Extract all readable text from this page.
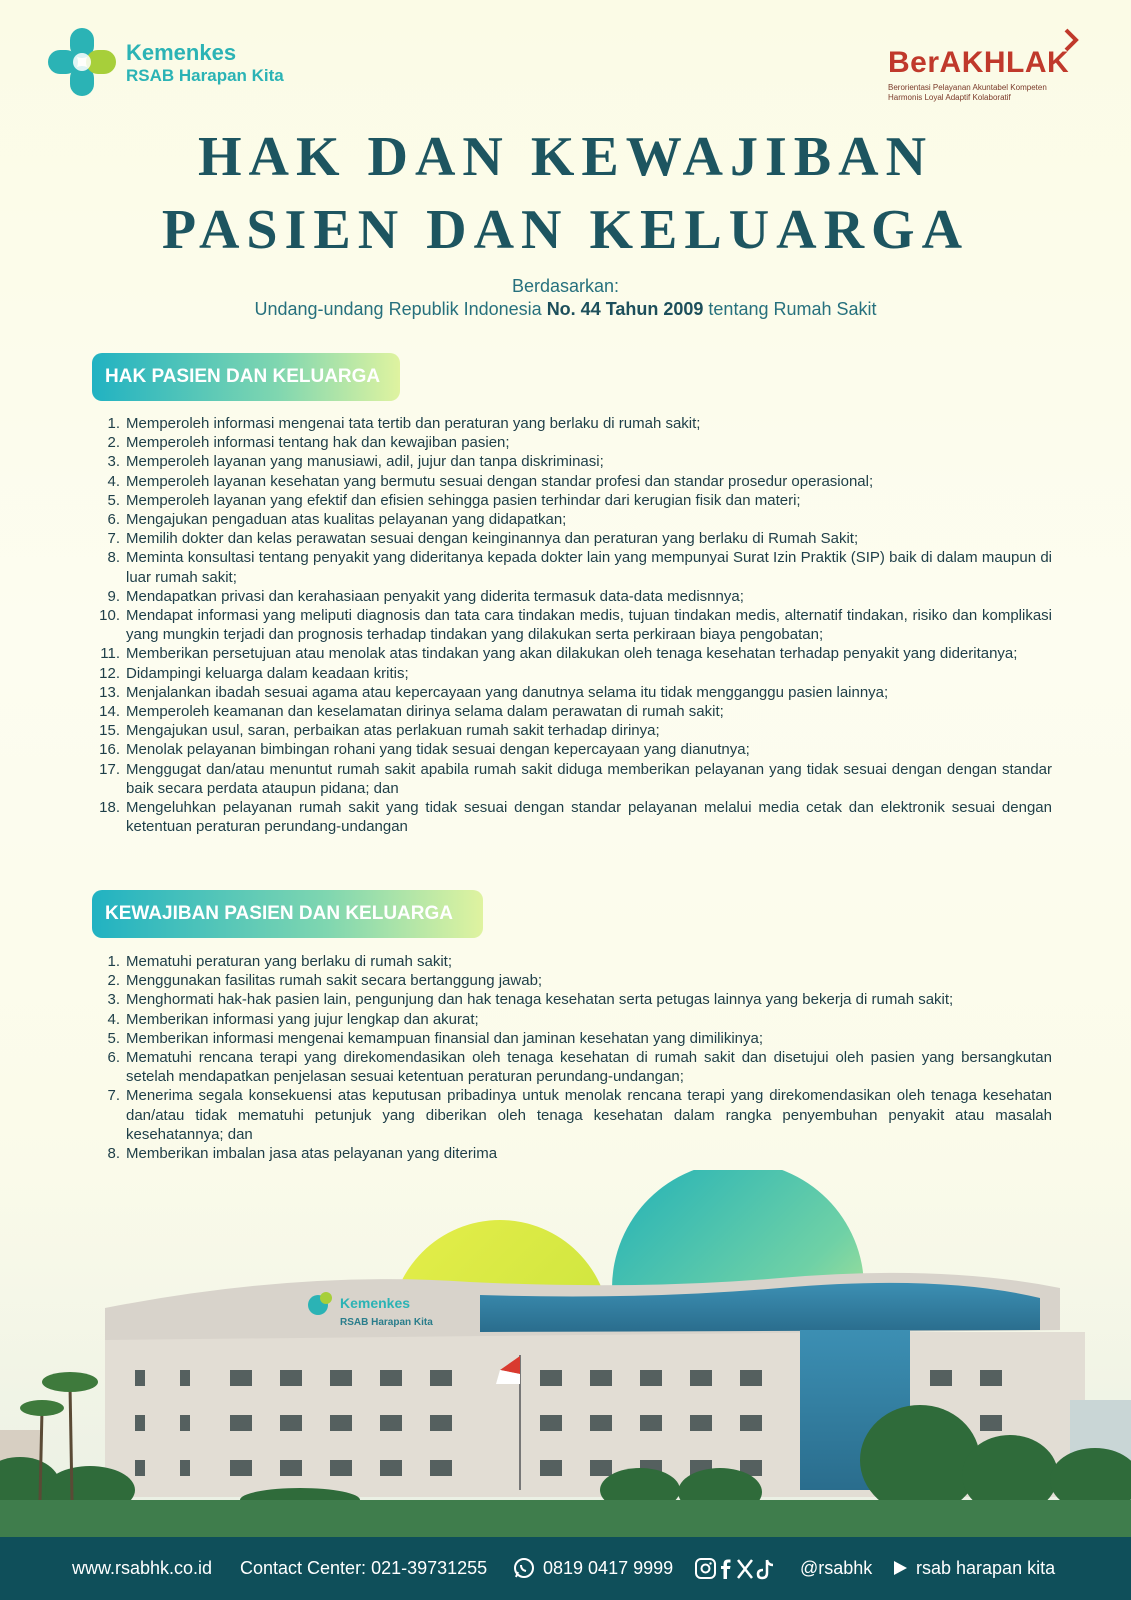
Kemenkes
RSAB Harapan Kita	BerAKHLAK
Berorientasi Pelayanan Akuntabel Kompeten
Harmonis Loyal Adaptif Kolaboratif
HAK DAN KEWAJIBAN
PASIEN DAN KELUARGA
Berdasarkan:
Undang-undang Republik Indonesia No. 44 Tahun 2009 tentang Rumah Sakit
HAK PASIEN DAN KELUARGA
1. Memperoleh informasi mengenai tata tertib dan peraturan yang berlaku di rumah sakit;
2. Memperoleh informasi tentang hak dan kewajiban pasien;
3. Memperoleh layanan yang manusiawi, adil, jujur dan tanpa diskriminasi;
4. Memperoleh layanan kesehatan yang bermutu sesuai dengan standar profesi dan standar prosedur operasional;
5. Memperoleh layanan yang efektif dan efisien sehingga pasien terhindar dari kerugian fisik dan materi;
6. Mengajukan pengaduan atas kualitas pelayanan yang didapatkan;
7. Memilih dokter dan kelas perawatan sesuai dengan keinginannya dan peraturan yang berlaku di Rumah Sakit;
8. Meminta konsultasi tentang penyakit yang dideritanya kepada dokter lain yang mempunyai Surat Izin Praktik (SIP) baik di dalam maupun di luar rumah sakit;
9. Mendapatkan privasi dan kerahasiaan penyakit yang diderita termasuk data-data medisnnya;
10. Mendapat informasi yang meliputi diagnosis dan tata cara tindakan medis, tujuan tindakan medis, alternatif tindakan, risiko dan komplikasi yang mungkin terjadi dan prognosis terhadap tindakan yang dilakukan serta perkiraan biaya pengobatan;
11. Memberikan persetujuan atau menolak atas tindakan yang akan dilakukan oleh tenaga kesehatan terhadap penyakit yang dideritanya;
12. Didampingi keluarga dalam keadaan kritis;
13. Menjalankan ibadah sesuai agama atau kepercayaan yang danutnya selama itu tidak mengganggu pasien lainnya;
14. Memperoleh keamanan dan keselamatan dirinya selama dalam perawatan di rumah sakit;
15. Mengajukan usul, saran, perbaikan atas perlakuan rumah sakit terhadap dirinya;
16. Menolak pelayanan bimbingan rohani yang tidak sesuai dengan kepercayaan yang dianutnya;
17. Menggugat dan/atau menuntut rumah sakit apabila rumah sakit diduga memberikan pelayanan yang tidak sesuai dengan dengan standar baik secara perdata ataupun pidana; dan
18. Mengeluhkan pelayanan rumah sakit yang tidak sesuai dengan standar pelayanan melalui media cetak dan elektronik sesuai dengan ketentuan peraturan perundang-undangan
KEWAJIBAN PASIEN DAN KELUARGA
1. Mematuhi peraturan yang berlaku di rumah sakit;
2. Menggunakan fasilitas rumah sakit secara bertanggung jawab;
3. Menghormati hak-hak pasien lain, pengunjung dan hak tenaga kesehatan serta petugas lainnya yang bekerja di rumah sakit;
4. Memberikan informasi yang jujur lengkap dan akurat;
5. Memberikan informasi mengenai kemampuan finansial dan jaminan kesehatan yang dimilikinya;
6. Mematuhi rencana terapi yang direkomendasikan oleh tenaga kesehatan di rumah sakit dan disetujui oleh pasien yang bersangkutan setelah mendapatkan penjelasan sesuai ketentuan peraturan perundang-undangan;
7. Menerima segala konsekuensi atas keputusan pribadinya untuk menolak rencana terapi yang direkomendasikan oleh tenaga kesehatan dan/atau tidak mematuhi petunjuk yang diberikan oleh tenaga kesehatan dalam rangka penyembuhan penyakit atau masalah kesehatannya; dan
8. Memberikan imbalan jasa atas pelayanan yang diterima
Kemenkes
RSAB Harapan Kita
www.rsabhk.co.id Contact Center: 021-39731255	0819 0417 9999	@rsabhk rsab harapan kita
